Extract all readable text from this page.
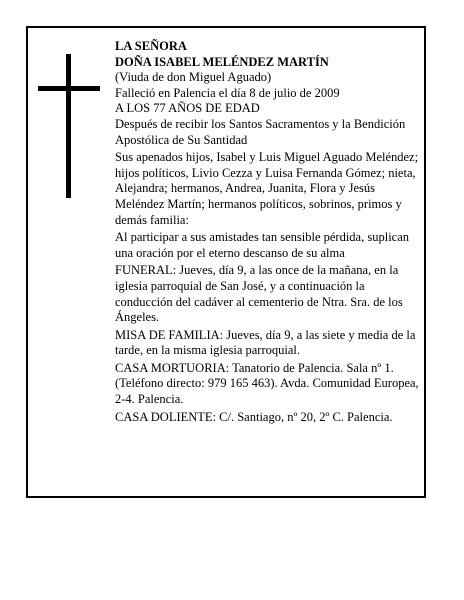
LA SEÑORA

DOÑA ISABEL MELÉNDEZ MARTÍN

(Viuda de don Miguel Aguado)

Falleció en Palencia el día 8 de julio de 2009

A LOS 77 AÑOS DE EDAD

Después de recibir los Santos Sacramentos y la Bendición Apostólica de Su Santidad

Sus apenados hijos, Isabel y Luis Miguel Aguado Meléndez; hijos políticos, Livio Cezza y Luisa Fernanda Gómez; nieta, Alejandra; hermanos, Andrea, Juanita, Flora y Jesús Meléndez Martín; hermanos políticos, sobrinos, primos y demás familia:

Al participar a sus amistades tan sensible pérdida, suplican una oración por el eterno descanso de su alma

FUNERAL: Jueves, día 9, a las once de la mañana, en la iglesia parroquial de San José, y a continuación la conducción del cadáver al cementerio de Ntra. Sra. de los Ángeles.

MISA DE FAMILIA: Jueves, día 9, a las siete y media de la tarde, en la misma iglesia parroquial.

CASA MORTUORIA: Tanatorio de Palencia. Sala nº 1. (Teléfono directo: 979 165 463). Avda. Comunidad Europea, 2-4. Palencia.

CASA DOLIENTE: C/. Santiago, nº 20, 2º C. Palencia.
